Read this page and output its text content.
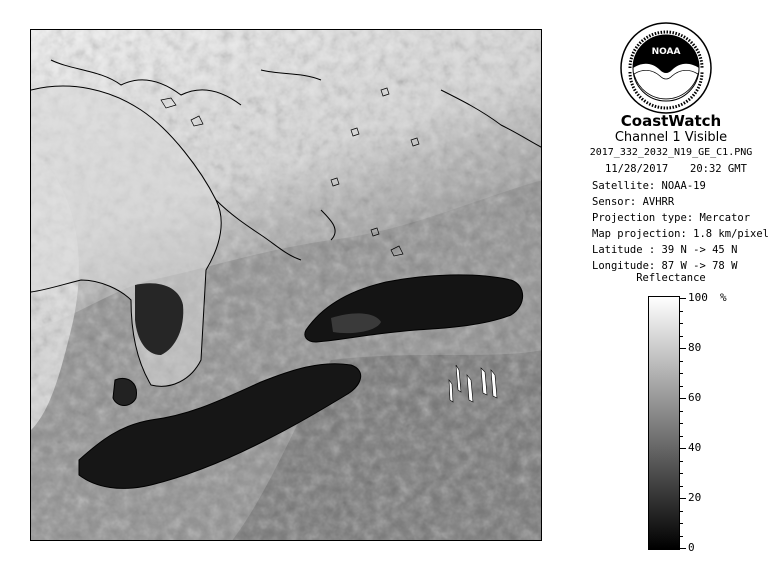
NOAA
CoastWatch
Channel 1 Visible
2017_332_2032_N19_GE_C1.PNG
11/28/2017 20:32 GMT
Satellite: NOAA-19
Sensor: AVHRR
Projection type: Mercator
Map projection: 1.8 km/pixel
Latitude : 39 N -> 45 N
Longitude: 87 W -> 78 W
Reflectance
%
100
80
60
40
20
0
